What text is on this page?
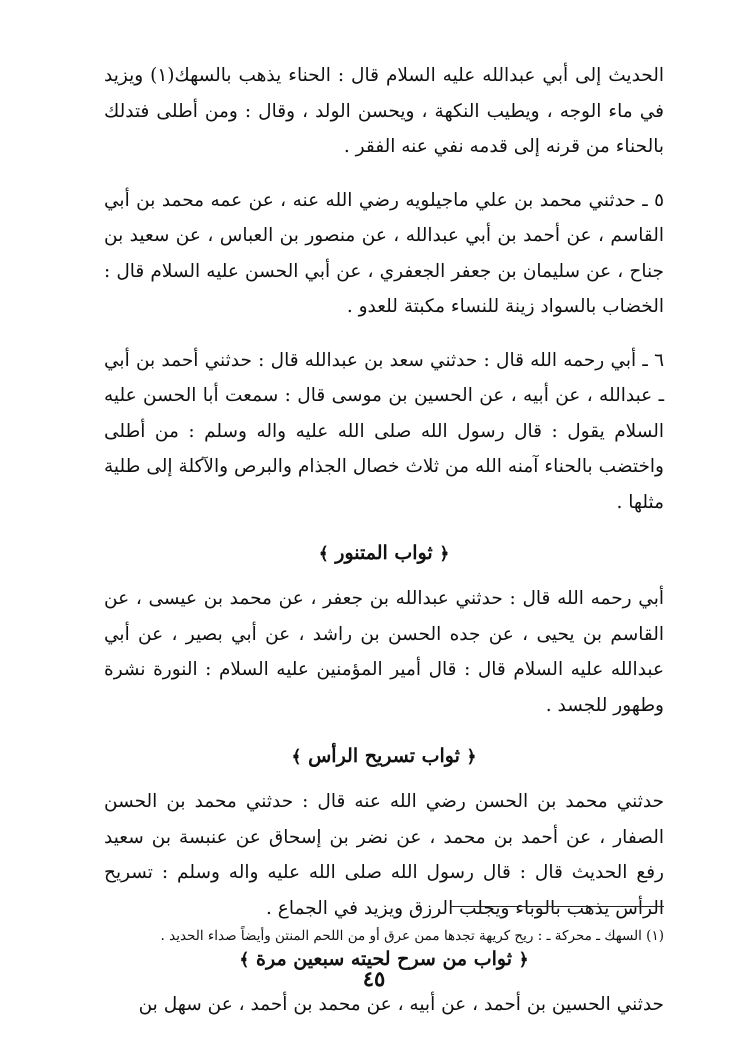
الحديث إلى أبي عبدالله عليه السلام قال : الحناء يذهب بالسهك(١) ويزيد في ماء الوجه ، ويطيب النكهة ، ويحسن الولد ، وقال : ومن أطلى فتدلك بالحناء من قرنه إلى قدمه نفي عنه الفقر .

٥ ـ حدثني محمد بن علي ماجيلويه رضي الله عنه ، عن عمه محمد بن أبي القاسم ، عن أحمد بن أبي عبدالله ، عن منصور بن العباس ، عن سعيد بن جناح ، عن سليمان بن جعفر الجعفري ، عن أبي الحسن عليه السلام قال : الخضاب بالسواد زينة للنساء مكبتة للعدو .

٦ ـ أبي رحمه الله قال : حدثني سعد بن عبدالله قال : حدثني أحمد بن أبي ـ عبدالله ، عن أبيه ، عن الحسين بن موسى قال : سمعت أبا الحسن عليه السلام يقول : قال رسول الله صلى الله عليه واله وسلم : من أطلى واختضب بالحناء آمنه الله من ثلاث خصال الجذام والبرص والآكلة إلى طلية مثلها .

﴿ ثواب المتنور ﴾

أبي رحمه الله قال : حدثني عبدالله بن جعفر ، عن محمد بن عيسى ، عن القاسم بن يحيى ، عن جده الحسن بن راشد ، عن أبي بصير ، عن أبي عبدالله عليه السلام قال : قال أمير المؤمنين عليه السلام : النورة نشرة وطهور للجسد .

﴿ ثواب تسريح الرأس ﴾

حدثني محمد بن الحسن رضي الله عنه قال : حدثني محمد بن الحسن الصفار ، عن أحمد بن محمد ، عن نضر بن إسحاق عن عنبسة بن سعيد رفع الحديث قال : قال رسول الله صلى الله عليه واله وسلم : تسريح الرأس يذهب بالوباء ويجلب الرزق ويزيد في الجماع .

﴿ ثواب من سرح لحيته سبعين مرة ﴾

حدثني الحسين بن أحمد ، عن أبيه ، عن محمد بن أحمد ، عن سهل بن

(١) السهك ـ محركة ـ : ريح كريهة تجدها ممن عرق أو من اللحم المنتن وأيضاً صداء الحديد .
٤٥
